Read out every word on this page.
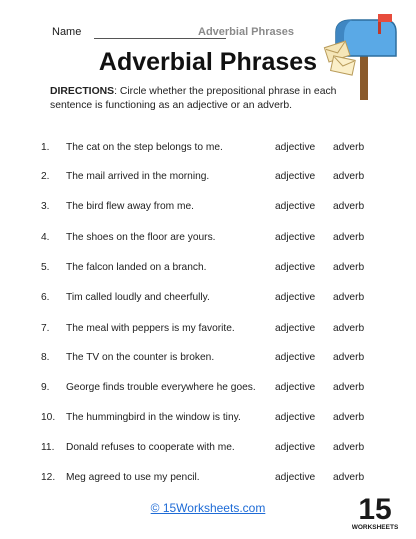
Name	Adverbial Phrases
Adverbial Phrases
DIRECTIONS: Circle whether the prepositional phrase in each sentence is functioning as an adjective or an adverb.
1. The cat on the step belongs to me.	adjective adverb
2. The mail arrived in the morning.	adjective adverb
3. The bird flew away from me.	adjective adverb
4. The shoes on the floor are yours.	adjective adverb
5. The falcon landed on a branch.	adjective adverb
6. Tim called loudly and cheerfully.	adjective adverb
7. The meal with peppers is my favorite.	adjective adverb
8. The TV on the counter is broken.	adjective adverb
9. George finds trouble everywhere he goes. adjective adverb
10. The hummingbird in the window is tiny.	adjective adverb
11. Donald refuses to cooperate with me.	adjective adverb
12. Meg agreed to use my pencil.	adjective adverb
© 15Worksheets.com	15
WORKSHEETS
